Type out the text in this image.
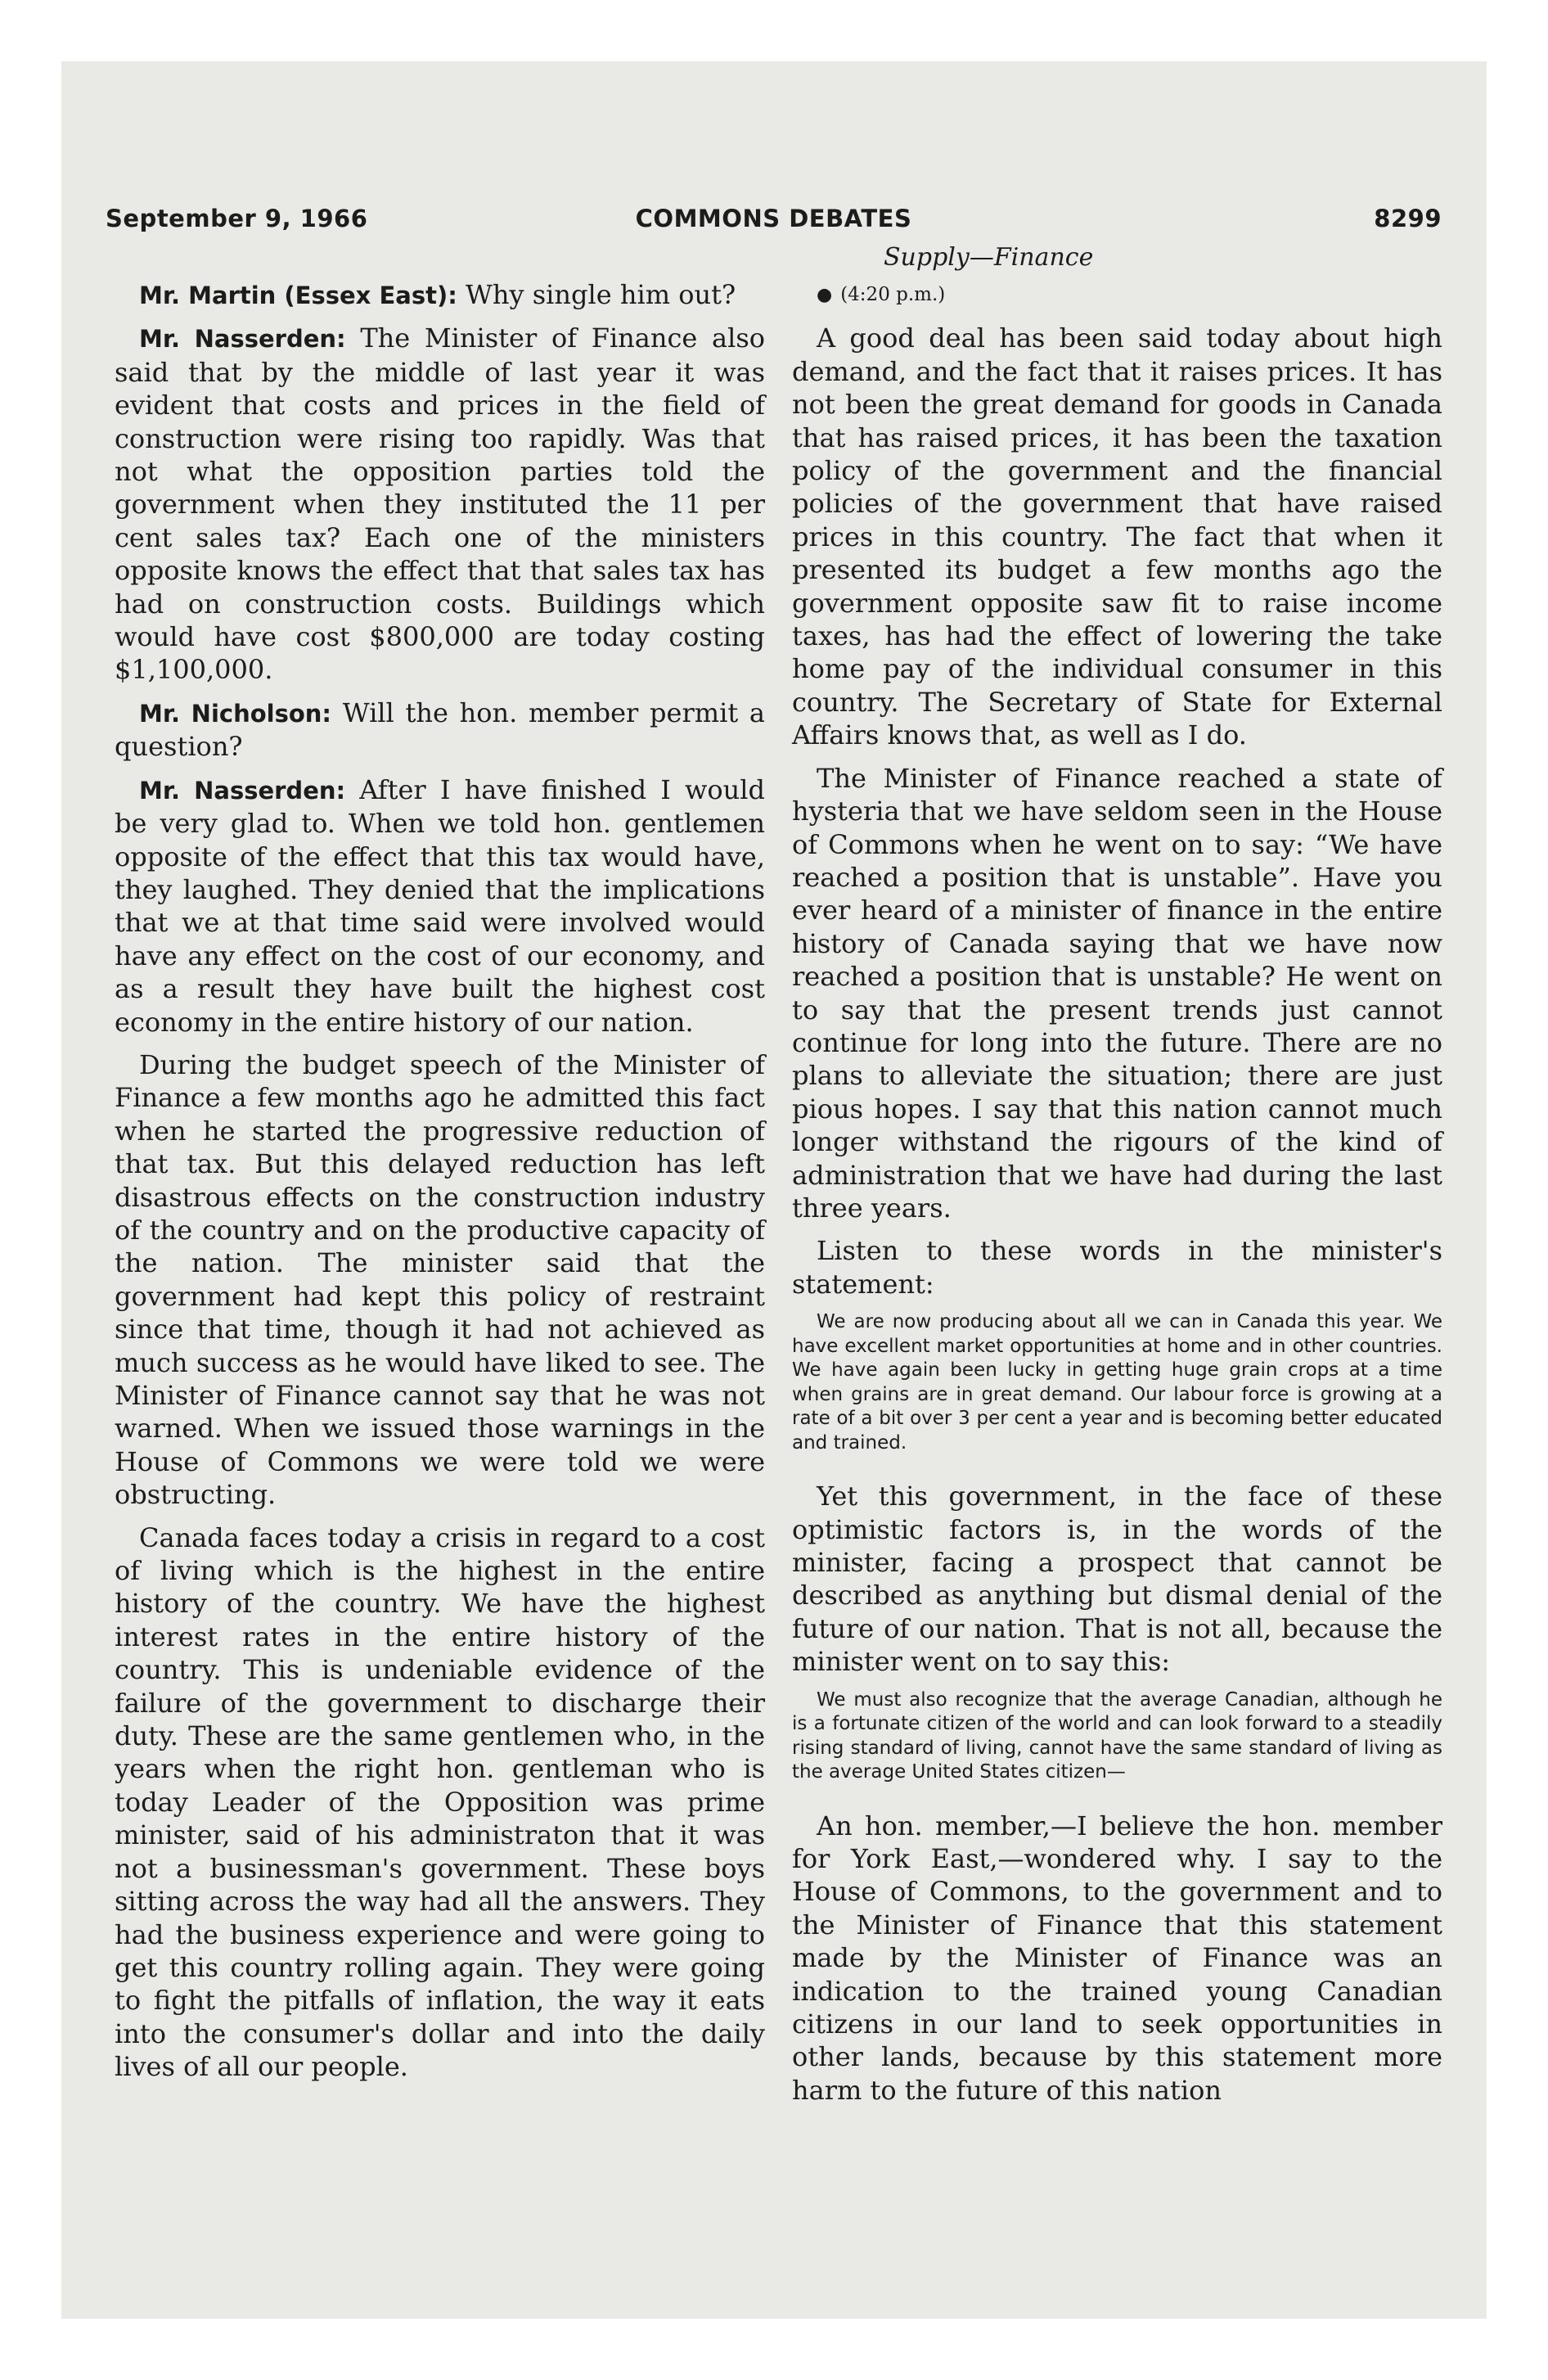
September 9, 1966	COMMONS DEBATES	8299
Supply—Finance

Mr. Martin (Essex East): Why single him out?

Mr. Nasserden: The Minister of Finance also said that by the middle of last year it was evident that costs and prices in the field of construction were rising too rapidly. Was that not what the opposition parties told the government when they instituted the 11 per cent sales tax? Each one of the ministers opposite knows the effect that that sales tax has had on construction costs. Buildings which would have cost $800,000 are today costing $1,100,000.

Mr. Nicholson: Will the hon. member permit a question?

Mr. Nasserden: After I have finished I would be very glad to. When we told hon. gentlemen opposite of the effect that this tax would have, they laughed. They denied that the implications that we at that time said were involved would have any effect on the cost of our economy, and as a result they have built the highest cost economy in the entire history of our nation.

During the budget speech of the Minister of Finance a few months ago he admitted this fact when he started the progressive reduction of that tax. But this delayed reduction has left disastrous effects on the construction industry of the country and on the productive capacity of the nation. The minister said that the government had kept this policy of restraint since that time, though it had not achieved as much success as he would have liked to see. The Minister of Finance cannot say that he was not warned. When we issued those warnings in the House of Commons we were told we were obstructing.

Canada faces today a crisis in regard to a cost of living which is the highest in the entire history of the country. We have the highest interest rates in the entire history of the country. This is undeniable evidence of the failure of the government to discharge their duty. These are the same gentlemen who, in the years when the right hon. gentleman who is today Leader of the Opposition was prime minister, said of his administraton that it was not a businessman's government. These boys sitting across the way had all the answers. They had the business experience and were going to get this country rolling again. They were going to fight the pitfalls of inflation, the way it eats into the consumer's dollar and into the daily lives of all our people.

● (4:20 p.m.)

A good deal has been said today about high demand, and the fact that it raises prices. It has not been the great demand for goods in Canada that has raised prices, it has been the taxation policy of the government and the financial policies of the government that have raised prices in this country. The fact that when it presented its budget a few months ago the government opposite saw fit to raise income taxes, has had the effect of lowering the take home pay of the individual consumer in this country. The Secretary of State for External Affairs knows that, as well as I do.

The Minister of Finance reached a state of hysteria that we have seldom seen in the House of Commons when he went on to say: “We have reached a position that is unstable”. Have you ever heard of a minister of finance in the entire history of Canada saying that we have now reached a position that is unstable? He went on to say that the present trends just cannot continue for long into the future. There are no plans to alleviate the situation; there are just pious hopes. I say that this nation cannot much longer withstand the rigours of the kind of administration that we have had during the last three years.

Listen to these words in the minister's statement:

We are now producing about all we can in Canada this year. We have excellent market opportunities at home and in other countries. We have again been lucky in getting huge grain crops at a time when grains are in great demand. Our labour force is growing at a rate of a bit over 3 per cent a year and is becoming better educated and trained.

Yet this government, in the face of these optimistic factors is, in the words of the minister, facing a prospect that cannot be described as anything but dismal denial of the future of our nation. That is not all, because the minister went on to say this:

We must also recognize that the average Canadian, although he is a fortunate citizen of the world and can look forward to a steadily rising standard of living, cannot have the same standard of living as the average United States citizen—

An hon. member,—I believe the hon. member for York East,—wondered why. I say to the House of Commons, to the government and to the Minister of Finance that this statement made by the Minister of Finance was an indication to the trained young Canadian citizens in our land to seek opportunities in other lands, because by this statement more harm to the future of this nation
